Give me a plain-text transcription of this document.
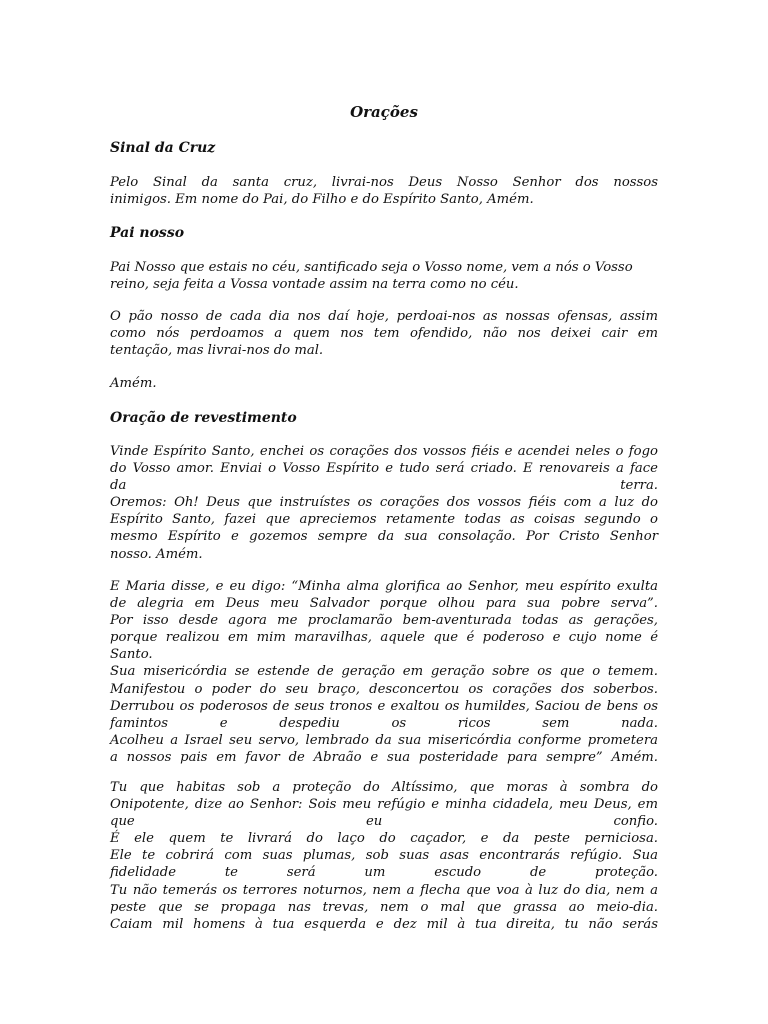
Orações
Sinal da Cruz
Pelo Sinal da santa cruz, livrai-nos Deus Nosso Senhor dos nossos
inimigos. Em nome do Pai, do Filho e do Espírito Santo, Amém.
Pai nosso
Pai Nosso que estais no céu, santificado seja o Vosso nome, vem a nós o Vosso
reino, seja feita a Vossa vontade assim na terra como no céu.
O pão nosso de cada dia nos daí hoje, perdoai-nos as nossas ofensas, assim
como nós perdoamos a quem nos tem ofendido, não nos deixei cair em
tentação, mas livrai-nos do mal.
Amém.
Oração de revestimento
Vinde Espírito Santo, enchei os corações dos vossos fiéis e acendei neles o fogo
do Vosso amor. Enviai o Vosso Espírito e tudo será criado. E renovareis a face
da terra.
Oremos: Oh! Deus que instruístes os corações dos vossos fiéis com a luz do
Espírito Santo, fazei que apreciemos retamente todas as coisas segundo o
mesmo Espírito e gozemos sempre da sua consolação. Por Cristo Senhor
nosso. Amém.
E Maria disse, e eu digo: “Minha alma glorifica ao Senhor, meu espírito exulta
de alegria em Deus meu Salvador porque olhou para sua pobre serva”.
Por isso desde agora me proclamarão bem-aventurada todas as gerações,
porque realizou em mim maravilhas, aquele que é poderoso e cujo nome é
Santo.
Sua misericórdia se estende de geração em geração sobre os que o temem.
Manifestou o poder do seu braço, desconcertou os corações dos soberbos.
Derrubou os poderosos de seus tronos e exaltou os humildes, Saciou de bens os
famintos e despediu os ricos sem nada.
Acolheu a Israel seu servo, lembrado da sua misericórdia conforme prometera
a nossos pais em favor de Abraão e sua posteridade para sempre” Amém.
Tu que habitas sob a proteção do Altíssimo, que moras à sombra do
Onipotente, dize ao Senhor: Sois meu refúgio e minha cidadela, meu Deus, em
que eu confio.
É ele quem te livrará do laço do caçador, e da peste perniciosa.
Ele te cobrirá com suas plumas, sob suas asas encontrarás refúgio. Sua
fidelidade te será um escudo de proteção.
Tu não temerás os terrores noturnos, nem a flecha que voa à luz do dia, nem a
peste que se propaga nas trevas, nem o mal que grassa ao meio-dia.
Caiam mil homens à tua esquerda e dez mil à tua direita, tu não serás
